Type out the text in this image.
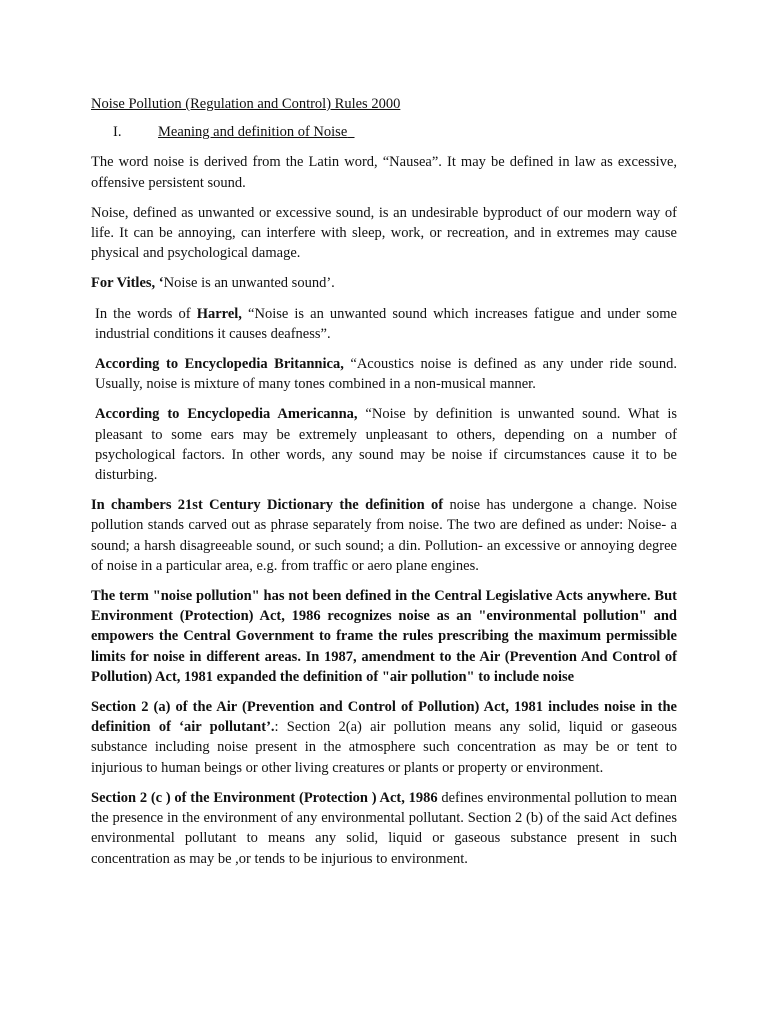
Noise Pollution (Regulation and Control) Rules 2000
I.	Meaning and definition of Noise

The word noise is derived from the Latin word, “Nausea”. It may be defined in law as excessive, offensive persistent sound.

Noise, defined as unwanted or excessive sound, is an undesirable byproduct of our modern way of life. It can be annoying, can interfere with sleep, work, or recreation, and in extremes may cause physical and psychological damage.

For Vitles, ‘Noise is an unwanted sound’.

In the words of Harrel, “Noise is an unwanted sound which increases fatigue and under some industrial conditions it causes deafness”.

According to Encyclopedia Britannica, “Acoustics noise is defined as any under ride sound. Usually, noise is mixture of many tones combined in a non-musical manner.

According to Encyclopedia Americanna, “Noise by definition is unwanted sound. What is pleasant to some ears may be extremely unpleasant to others, depending on a number of psychological factors. In other words, any sound may be noise if circumstances cause it to be disturbing.

In chambers 21st Century Dictionary the definition of noise has undergone a change. Noise pollution stands carved out as phrase separately from noise. The two are defined as under: Noise- a sound; a harsh disagreeable sound, or such sound; a din. Pollution- an excessive or annoying degree of noise in a particular area, e.g. from traffic or aero plane engines.

The term "noise pollution" has not been defined in the Central Legislative Acts anywhere. But Environment (Protection) Act, 1986 recognizes noise as an "environmental pollution" and empowers the Central Government to frame the rules prescribing the maximum permissible limits for noise in different areas. In 1987, amendment to the Air (Prevention And Control of Pollution) Act, 1981 expanded the definition of "air pollution" to include noise

Section 2 (a) of the Air (Prevention and Control of Pollution) Act, 1981 includes noise in the definition of ‘air pollutant’.: Section 2(a) air pollution means any solid, liquid or gaseous substance including noise present in the atmosphere such concentration as may be or tent to injurious to human beings or other living creatures or plants or property or environment.

Section 2 (c ) of the Environment (Protection ) Act, 1986 defines environmental pollution to mean the presence in the environment of any environmental pollutant. Section 2 (b) of the said Act defines environmental pollutant to means any solid, liquid or gaseous substance present in such concentration as may be ,or tends to be injurious to environment.
